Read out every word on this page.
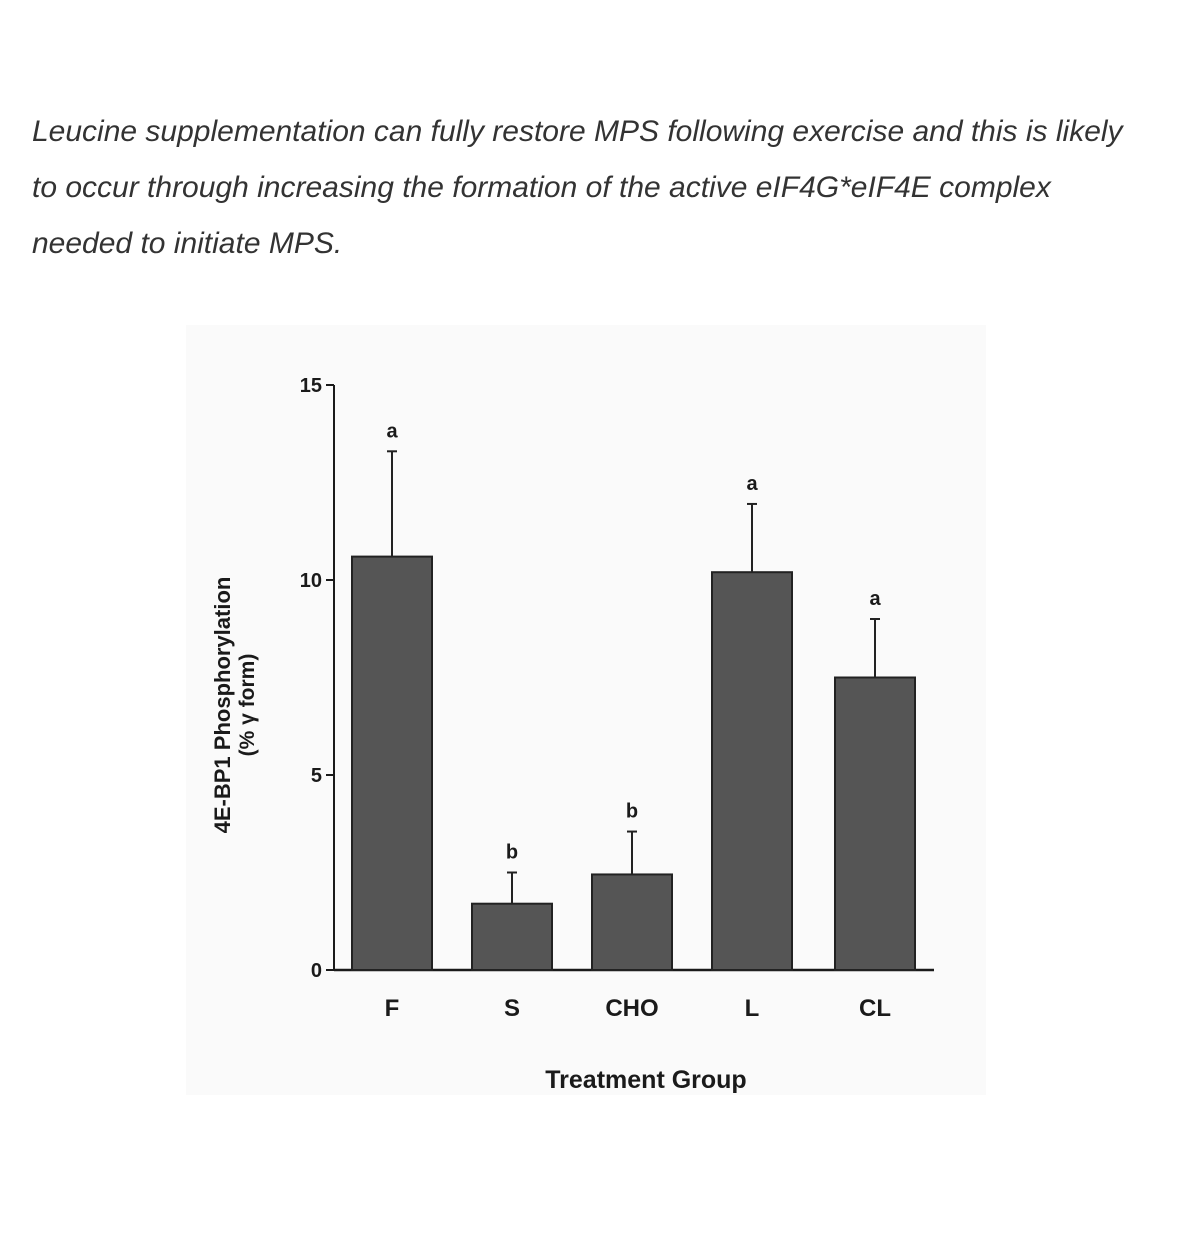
Leucine supplementation can fully restore MPS following exercise and this is likely to occur through increasing the formation of the active eIF4G*eIF4E complex needed to initiate MPS.

4E-BP1 Phosphorylation (% γ form)
Treatment Group
0
5
10
15
a
F
b
S
b
CHO
a
L
a
CL
